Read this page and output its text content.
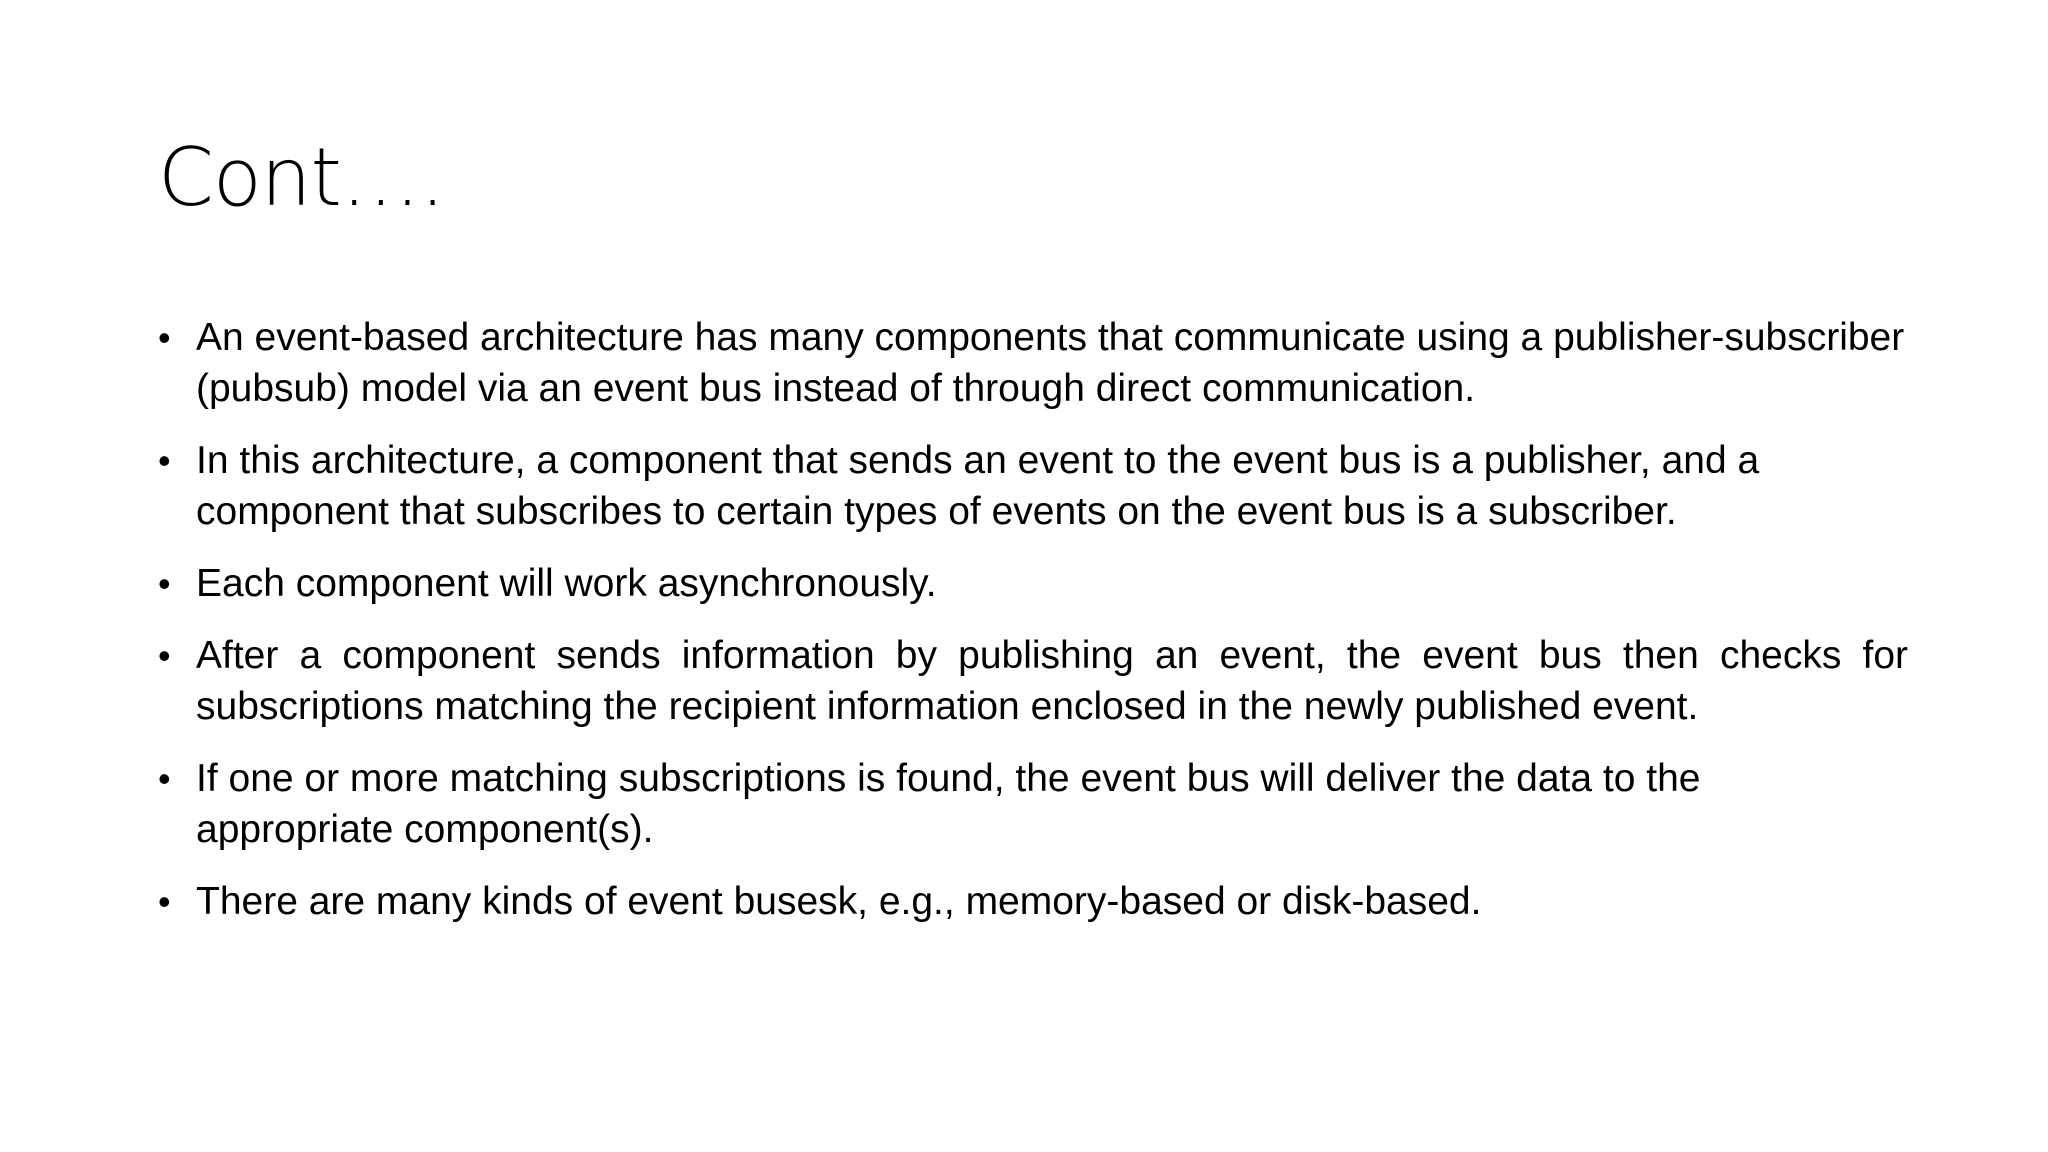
Cont….
• An event-based architecture has many components that communicate using a publisher-subscriber (pubsub) model via an event bus instead of through direct communication.
• In this architecture, a component that sends an event to the event bus is a publisher, and a component that subscribes to certain types of events on the event bus is a subscriber.
• Each component will work asynchronously.
• After a component sends information by publishing an event, the event bus then checks for subscriptions matching the recipient information enclosed in the newly published event.
• If one or more matching subscriptions is found, the event bus will deliver the data to the appropriate component(s).
• There are many kinds of event busesk, e.g., memory-based or disk-based.
